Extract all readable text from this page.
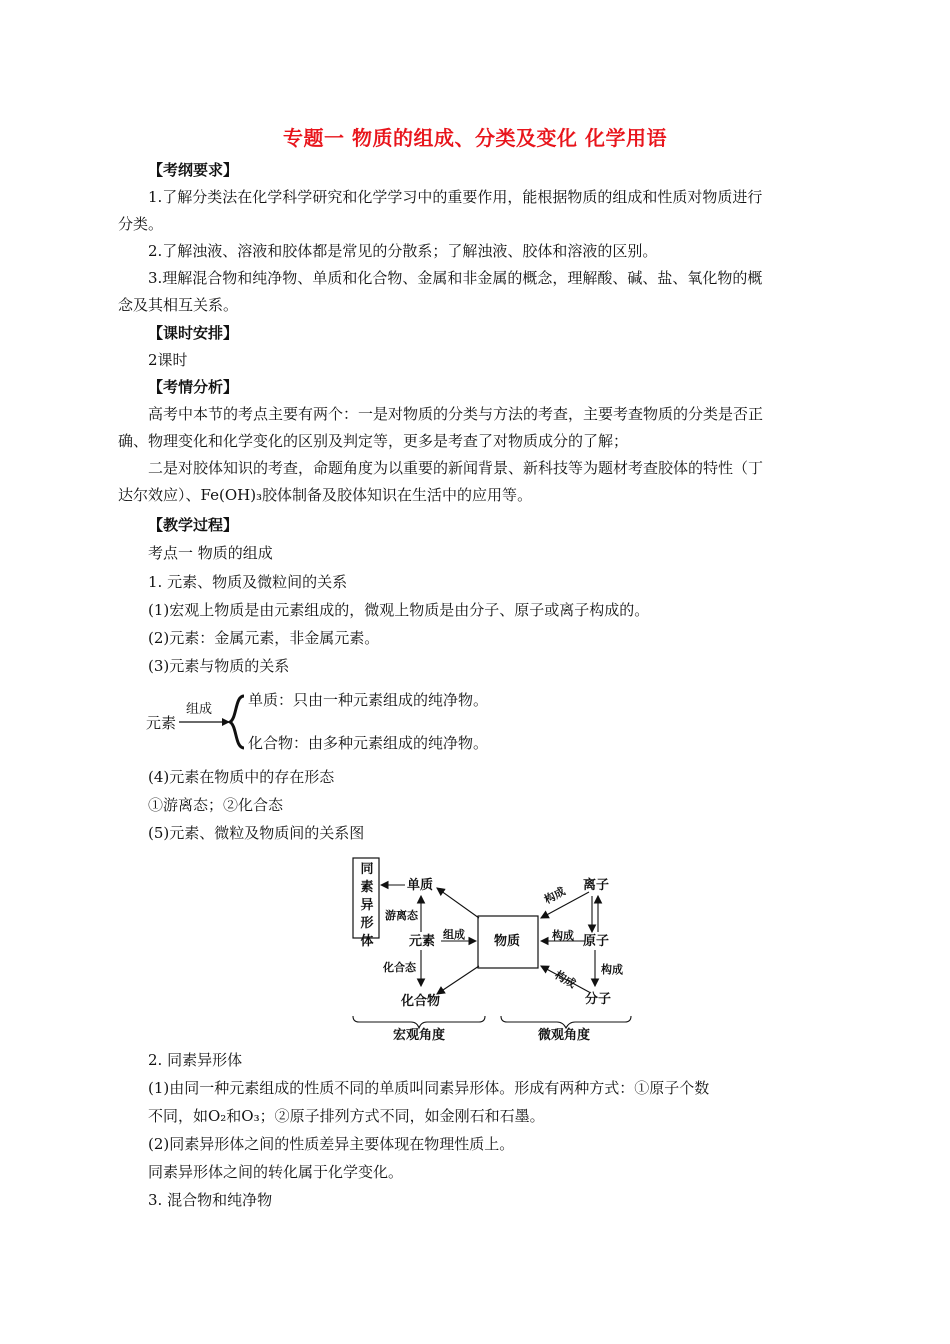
专题一 物质的组成、分类及变化 化学用语
【考纲要求】
1.了解分类法在化学科学研究和化学学习中的重要作用，能根据物质的组成和性质对物质进行
分类。
2.了解浊液、溶液和胶体都是常见的分散系；了解浊液、胶体和溶液的区别。
3.理解混合物和纯净物、单质和化合物、金属和非金属的概念，理解酸、碱、盐、氧化物的概
念及其相互关系。
【课时安排】
2课时
【考情分析】
高考中本节的考点主要有两个：一是对物质的分类与方法的考查，主要考查物质的分类是否正
确、物理变化和化学变化的区别及判定等，更多是考查了对物质成分的了解；
二是对胶体知识的考查，命题角度为以重要的新闻背景、新科技等为题材考查胶体的特性（丁
达尔效应）、Fe(OH)₃胶体制备及胶体知识在生活中的应用等。
【教学过程】
考点一 物质的组成
1. 元素、物质及微粒间的关系
(1)宏观上物质是由元素组成的，微观上物质是由分子、原子或离子构成的。
(2)元素：金属元素，非金属元素。
(3)元素与物质的关系
元素
组成
单质：只由一种元素组成的纯净物。
化合物：由多种元素组成的纯净物。
(4)元素在物质中的存在形态
①游离态；②化合态
(5)元素、微粒及物质间的关系图
同素异形体
单质
游离态
元素 组成 物质
化合态
化合物
离子
构成
原子
构成
构成
分子
构成
宏观角度	微观角度
2. 同素异形体
(1)由同一种元素组成的性质不同的单质叫同素异形体。形成有两种方式：①原子个数
不同，如O₂和O₃；②原子排列方式不同，如金刚石和石墨。
(2)同素异形体之间的性质差异主要体现在物理性质上。
同素异形体之间的转化属于化学变化。
3. 混合物和纯净物
